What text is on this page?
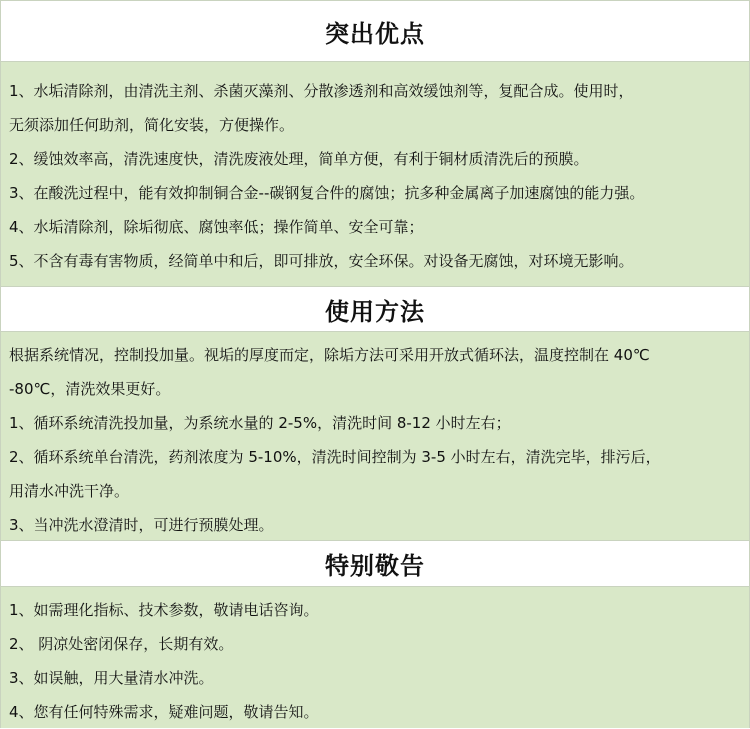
突出优点
1、水垢清除剂，由清洗主剂、杀菌灭藻剂、分散渗透剂和高效缓蚀剂等，复配合成。使用时，
无须添加任何助剂，简化安装，方便操作。
2、缓蚀效率高，清洗速度快，清洗废液处理，简单方便，有利于铜材质清洗后的预膜。
3、在酸洗过程中，能有效抑制铜合金--碳钢复合件的腐蚀；抗多种金属离子加速腐蚀的能力强。
4、水垢清除剂，除垢彻底、腐蚀率低；操作简单、安全可靠；
5、不含有毒有害物质，经简单中和后，即可排放，安全环保。对设备无腐蚀，对环境无影响。
使用方法
根据系统情况，控制投加量。视垢的厚度而定，除垢方法可采用开放式循环法，温度控制在 40℃
-80℃，清洗效果更好。
1、循环系统清洗投加量，为系统水量的 2-5%，清洗时间 8-12 小时左右；
2、循环系统单台清洗，药剂浓度为 5-10%，清洗时间控制为 3-5 小时左右，清洗完毕，排污后，
用清水冲洗干净。
3、当冲洗水澄清时，可进行预膜处理。
特别敬告
1、如需理化指标、技术参数，敬请电话咨询。
2、 阴凉处密闭保存，长期有效。
3、如误触，用大量清水冲洗。
4、您有任何特殊需求，疑难问题，敬请告知。
